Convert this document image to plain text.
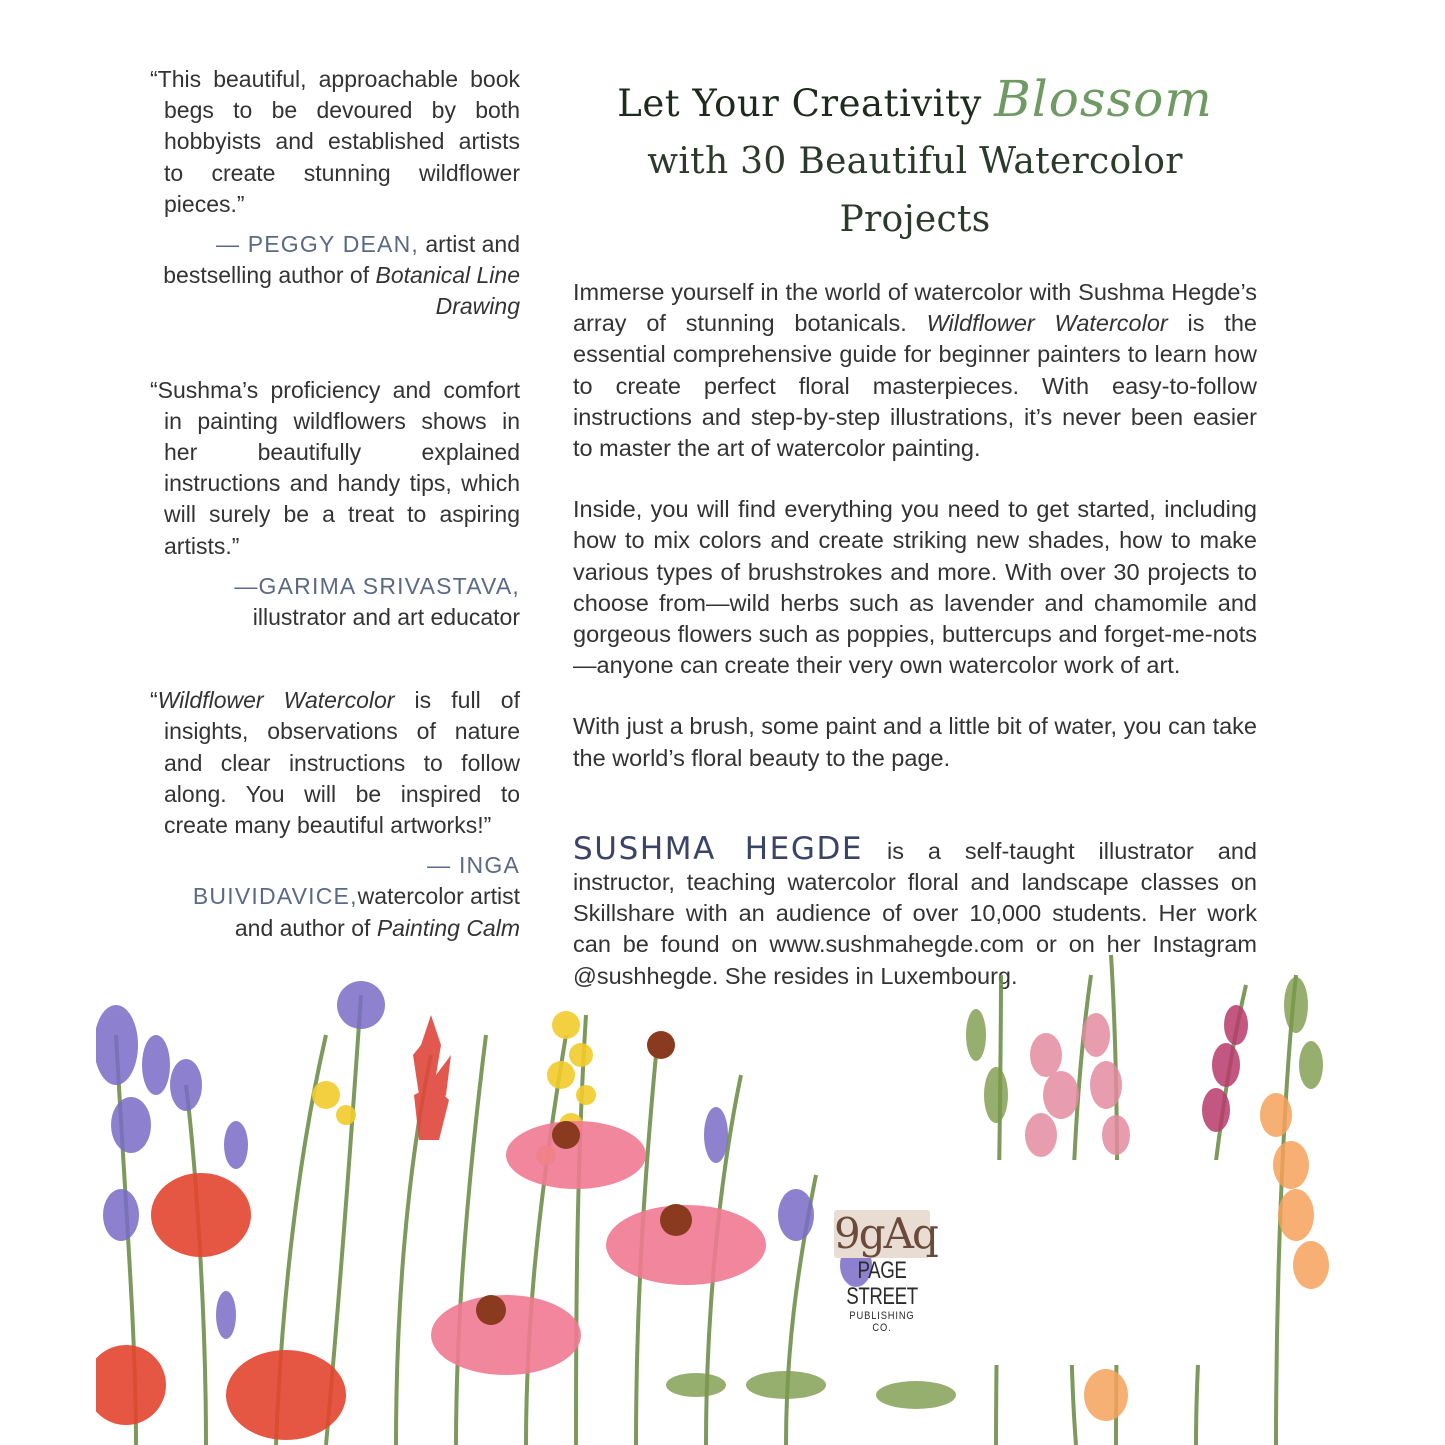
“This beautiful, approachable book begs to be devoured by both hobbyists and established artists to create stunning wildflower pieces.”
— PEGGY DEAN, artist and bestselling author of Botanical Line Drawing
“Sushma’s proficiency and comfort in painting wildflowers shows in her beautifully explained instructions and handy tips, which will surely be a treat to aspiring artists.”
—GARIMA SRIVASTAVA,
illustrator and art educator
“Wildflower Watercolor is full of insights, observations of nature and clear instructions to follow along. You will be inspired to create many beautiful artworks!”
— INGA BUIVIDAVICE,watercolor artist and author of Painting Calm
Let Your Creativity Blossom
with 30 Beautiful Watercolor Projects

Immerse yourself in the world of watercolor with Sushma Hegde’s array of stunning botanicals. Wildflower Watercolor is the essential comprehensive guide for beginner painters to learn how to create perfect floral masterpieces. With easy-to-follow instructions and step-by-step illustrations, it’s never been easier to master the art of watercolor painting.

Inside, you will find everything you need to get started, including how to mix colors and create striking new shades, how to make various types of brushstrokes and more. With over 30 projects to choose from—wild herbs such as lavender and chamomile and gorgeous flowers such as poppies, buttercups and forget-me-nots—anyone can create their very own watercolor work of art.

With just a brush, some paint and a little bit of water, you can take the world’s floral beauty to the page.

SUSHMA HEGDE is a self-taught illustrator and instructor, teaching watercolor floral and landscape classes on Skillshare with an audience of over 10,000 students. Her work can be found on www.sushmahegde.com or on her Instagram @sushhegde. She resides in Luxembourg.
9gAq
PAGE STREET
PUBLISHING CO.
